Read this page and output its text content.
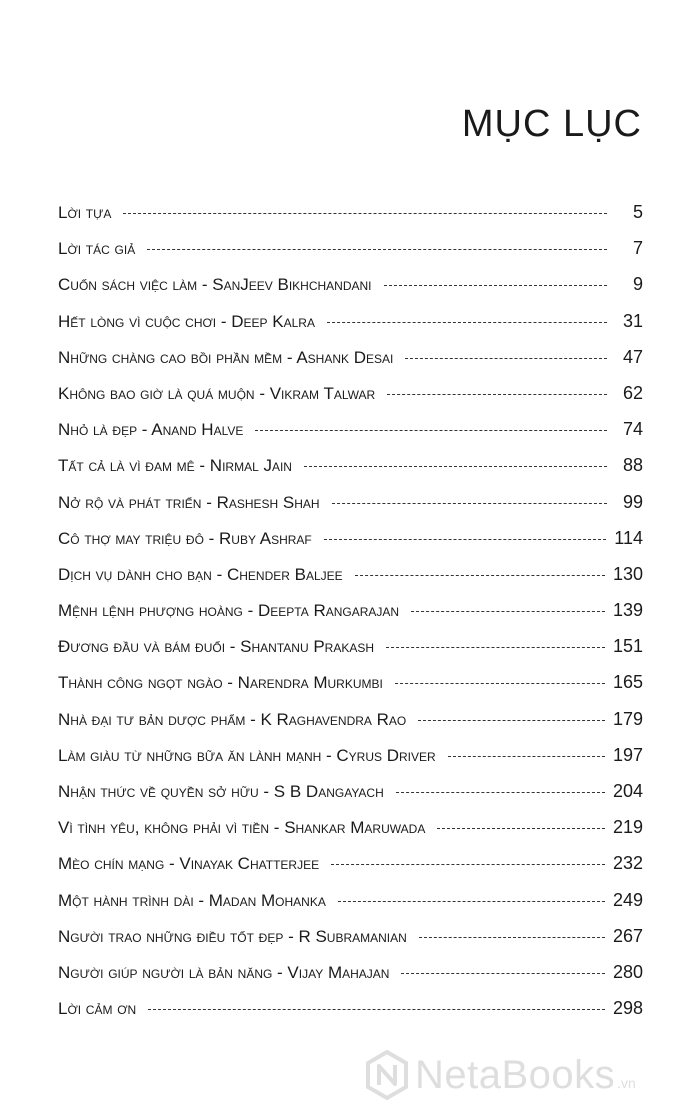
MỤC LỤC
Lời tựa	5
Lời tác giả	7
Cuốn sách việc làm - SanJeev Bikhchandani	9
Hết lòng vì cuộc chơi - Deep Kalra	31
Những chàng cao bồi phần mềm - Ashank Desai	47
Không bao giờ là quá muộn - Vikram Talwar	62
Nhỏ là đẹp - Anand Halve	74
Tất cả là vì đam mê - Nirmal Jain	88
Nở rộ và phát triển - Rashesh Shah	99
Cô thợ may triệu đô - Ruby Ashraf	114
Dịch vụ dành cho bạn - Chender Baljee	130
Mệnh lệnh phượng hoàng - Deepta Rangarajan	139
Đương đầu và bám đuổi - Shantanu Prakash	151
Thành công ngọt ngào - Narendra Murkumbi	165
Nhà đại tư bản dược phẩm - K Raghavendra Rao	179
Làm giàu từ những bữa ăn lành mạnh - Cyrus Driver	197
Nhận thức về quyền sở hữu - S B Dangayach	204
Vì tình yêu, không phải vì tiền - Shankar Maruwada	219
Mèo chín mạng - Vinayak Chatterjee	232
Một hành trình dài - Madan Mohanka	249
Người trao những điều tốt đẹp - R Subramanian	267
Người giúp người là bản năng - Vijay Mahajan	280
Lời cảm ơn	298
NetaBooks .vn
